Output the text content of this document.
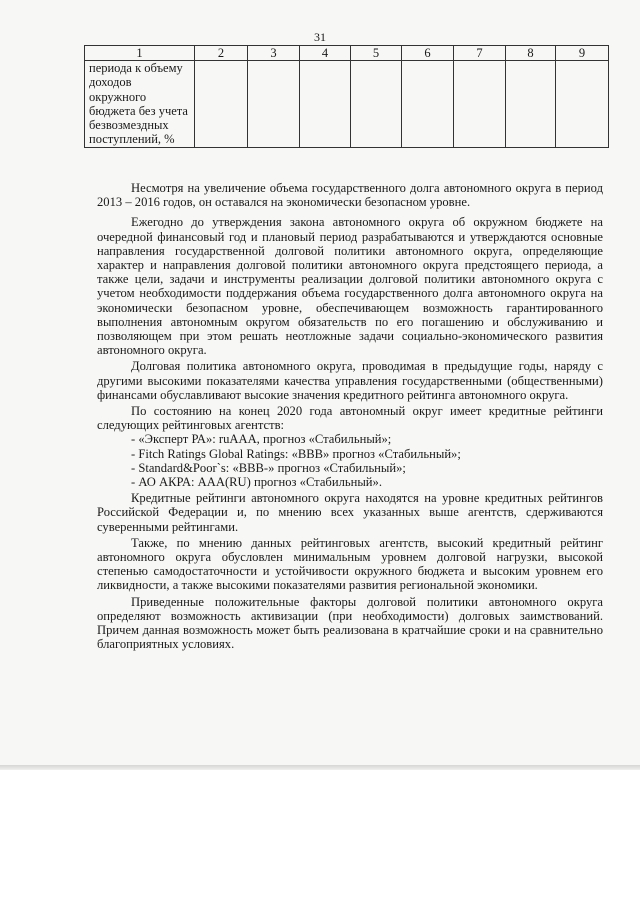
31
1	2	3	4	5	6	7	8	9
периода к объему доходов окружного бюджета без учета безвозмездных поступлений, %								

Несмотря на увеличение объема государственного долга автономного округа в период 2013 – 2016 годов, он оставался на экономически безопасном уровне.

Ежегодно до утверждения закона автономного округа об окружном бюджете на очередной финансовый год и плановый период разрабатываются и утверждаются основные направления государственной долговой политики автономного округа, определяющие характер и направления долговой политики автономного округа предстоящего периода, а также цели, задачи и инструменты реализации долговой политики автономного округа с учетом необходимости поддержания объема государственного долга автономного округа на экономически безопасном уровне, обеспечивающем возможность гарантированного выполнения автономным округом обязательств по его погашению и обслуживанию и позволяющем при этом решать неотложные задачи социально-экономического развития автономного округа.

Долговая политика автономного округа, проводимая в предыдущие годы, наряду с другими высокими показателями качества управления государственными (общественными) финансами обуславливают высокие значения кредитного рейтинга автономного округа.

По состоянию на конец 2020 года автономный округ имеет кредитные рейтинги следующих рейтинговых агентств:

- «Эксперт РА»: ruAAA, прогноз «Стабильный»;
- Fitch Ratings Global Ratings: «BBB» прогноз «Стабильный»;
- Standard&Poor`s: «BBB-» прогноз «Стабильный»;
- АО АКРА: AAA(RU) прогноз «Стабильный».

Кредитные рейтинги автономного округа находятся на уровне кредитных рейтингов Российской Федерации и, по мнению всех указанных выше агентств, сдерживаются суверенными рейтингами.

Также, по мнению данных рейтинговых агентств, высокий кредитный рейтинг автономного округа обусловлен минимальным уровнем долговой нагрузки, высокой степенью самодостаточности и устойчивости окружного бюджета и высоким уровнем его ликвидности, а также высокими показателями развития региональной экономики.

Приведенные положительные факторы долговой политики автономного округа определяют возможность активизации (при необходимости) долговых заимствований. Причем данная возможность может быть реализована в кратчайшие сроки и на сравнительно благоприятных условиях.
